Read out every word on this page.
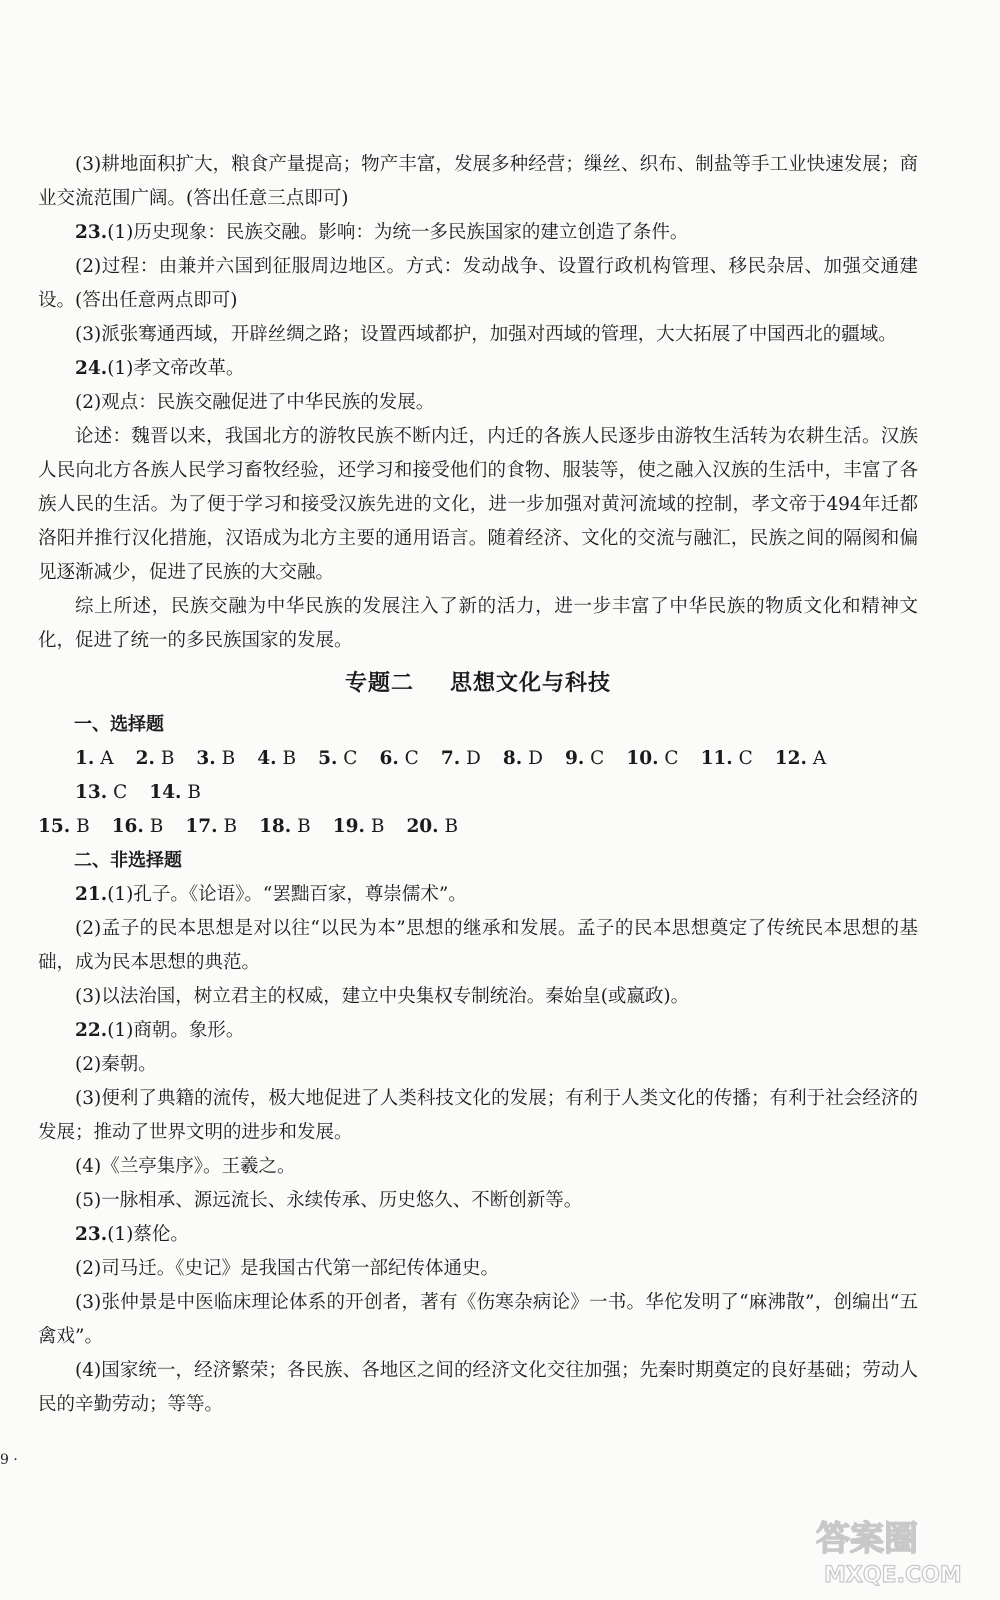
(3)耕地面积扩大，粮食产量提高；物产丰富，发展多种经营；缫丝、织布、制盐等手工业快速发展；商业交流范围广阔。(答出任意三点即可)

23.(1)历史现象：民族交融。影响：为统一多民族国家的建立创造了条件。

(2)过程：由兼并六国到征服周边地区。方式：发动战争、设置行政机构管理、移民杂居、加强交通建设。(答出任意两点即可)

(3)派张骞通西域，开辟丝绸之路；设置西域都护，加强对西域的管理，大大拓展了中国西北的疆域。

24.(1)孝文帝改革。

(2)观点：民族交融促进了中华民族的发展。

论述：魏晋以来，我国北方的游牧民族不断内迁，内迁的各族人民逐步由游牧生活转为农耕生活。汉族人民向北方各族人民学习畜牧经验，还学习和接受他们的食物、服装等，使之融入汉族的生活中，丰富了各族人民的生活。为了便于学习和接受汉族先进的文化，进一步加强对黄河流域的控制，孝文帝于494年迁都洛阳并推行汉化措施，汉语成为北方主要的通用语言。随着经济、文化的交流与融汇，民族之间的隔阂和偏见逐渐减少，促进了民族的大交融。

综上所述，民族交融为中华民族的发展注入了新的活力，进一步丰富了中华民族的物质文化和精神文化，促进了统一的多民族国家的发展。

专题二 思想文化与科技

一、选择题

1. A 2. B 3. B 4. B 5. C 6. C 7. D 8. D 9. C 10. C 11. C 12. A13. C 14. B
15. B 16. B 17. B 18. B 19. B 20. B

二、非选择题

21.(1)孔子。《论语》。“罢黜百家，尊崇儒术”。

(2)孟子的民本思想是对以往“以民为本”思想的继承和发展。孟子的民本思想奠定了传统民本思想的基础，成为民本思想的典范。

(3)以法治国，树立君主的权威，建立中央集权专制统治。秦始皇(或嬴政)。

22.(1)商朝。象形。

(2)秦朝。

(3)便利了典籍的流传，极大地促进了人类科技文化的发展；有利于人类文化的传播；有利于社会经济的发展；推动了世界文明的进步和发展。

(4)《兰亭集序》。王羲之。

(5)一脉相承、源远流长、永续传承、历史悠久、不断创新等。

23.(1)蔡伦。

(2)司马迁。《史记》是我国古代第一部纪传体通史。

(3)张仲景是中医临床理论体系的开创者，著有《伤寒杂病论》一书。华佗发明了“麻沸散”，创编出“五禽戏”。

(4)国家统一，经济繁荣；各民族、各地区之间的经济文化交往加强；先秦时期奠定的良好基础；劳动人民的辛勤劳动；等等。

9 ·
答案圈
MXQE.COM
